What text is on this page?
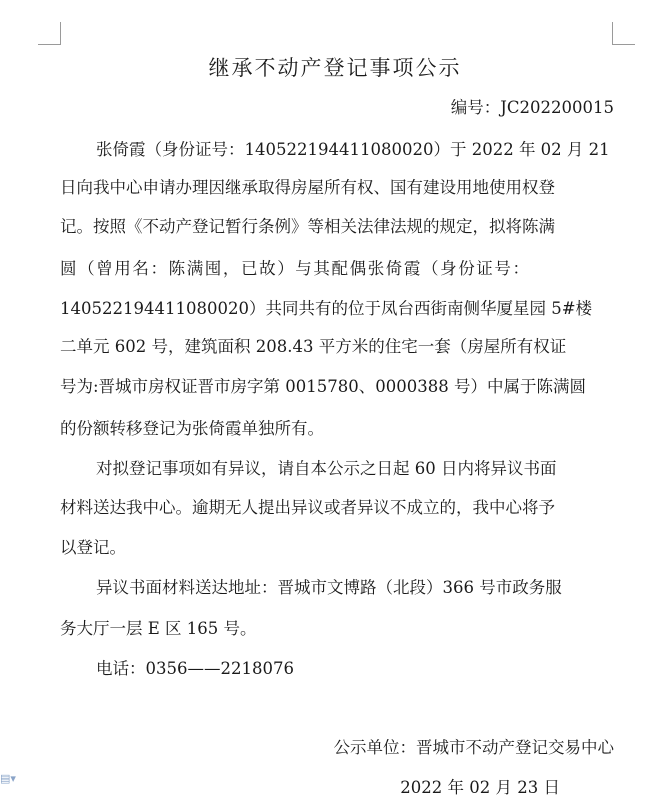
继承不动产登记事项公示
编号：JC202200015
张倚霞（身份证号：140522194411080020）于 2022 年 02 月 21
日向我中心申请办理因继承取得房屋所有权、国有建设用地使用权登
记。按照《不动产登记暂行条例》等相关法律法规的规定，拟将陈满
圆（曾用名：陈满囤，已故）与其配偶张倚霞（身份证号：
140522194411080020）共同共有的位于凤台西街南侧华厦星园 5#楼
二单元 602 号，建筑面积 208.43 平方米的住宅一套（房屋所有权证
号为:晋城市房权证晋市房字第 0015780、0000388 号）中属于陈满圆
的份额转移登记为张倚霞单独所有。
对拟登记事项如有异议，请自本公示之日起 60 日内将异议书面
材料送达我中心。逾期无人提出异议或者异议不成立的，我中心将予
以登记。
异议书面材料送达地址：晋城市文博路（北段）366 号市政务服
务大厅一层 E 区 165 号。
电话：0356——2218076
公示单位：晋城市不动产登记交易中心
2022 年 02 月 23 日
▤▾
